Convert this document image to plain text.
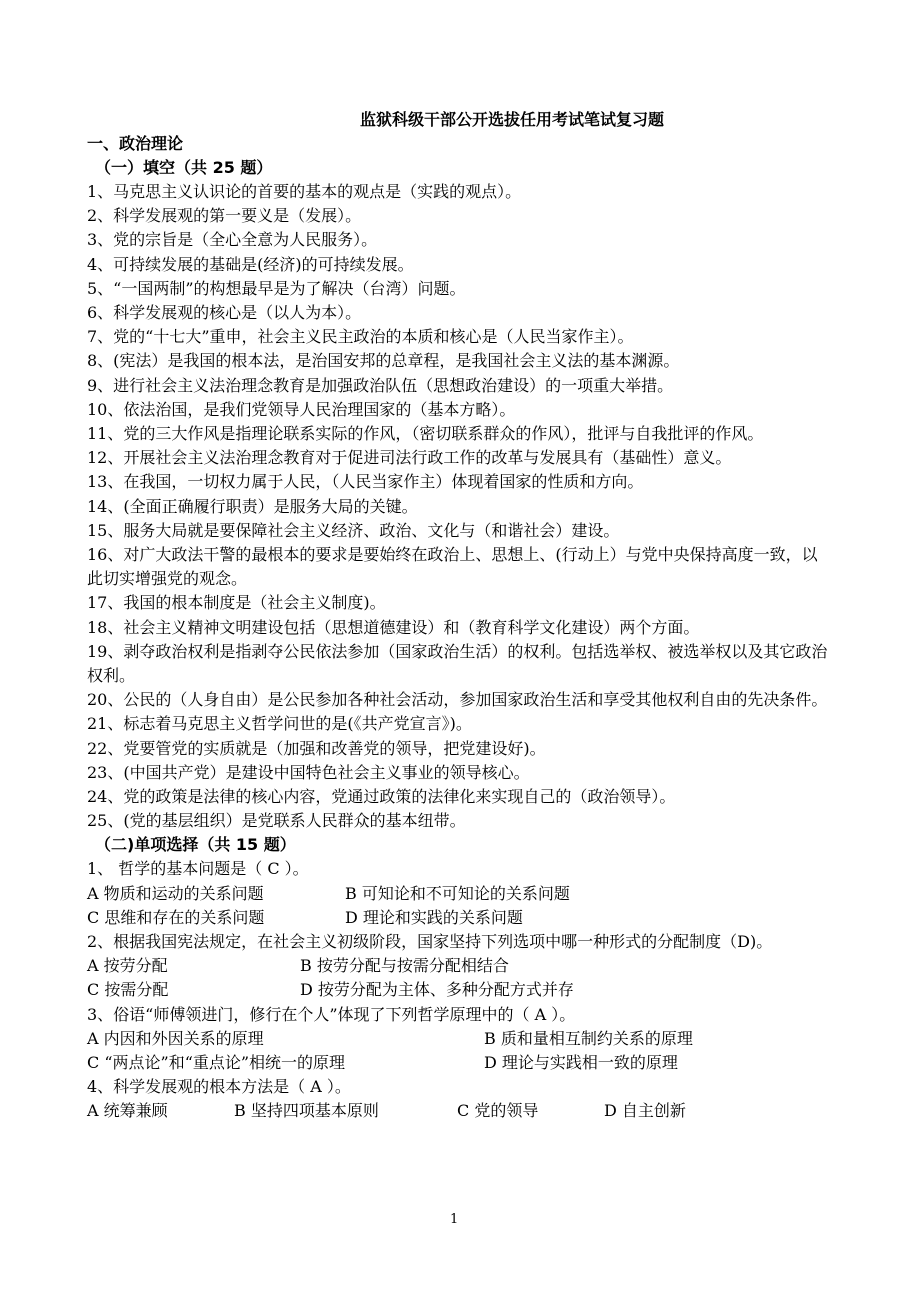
监狱科级干部公开选拔任用考试笔试复习题
一、政治理论
（一）填空（共 25 题）
1、马克思主义认识论的首要的基本的观点是（实践的观点）。
2、科学发展观的第一要义是（发展）。
3、党的宗旨是（全心全意为人民服务）。
4、可持续发展的基础是(经济)的可持续发展。
5、“一国两制”的构想最早是为了解决（台湾）问题。
6、科学发展观的核心是（以人为本）。
7、党的“十七大”重申，社会主义民主政治的本质和核心是（人民当家作主）。
8、(宪法）是我国的根本法，是治国安邦的总章程，是我国社会主义法的基本渊源。
9、进行社会主义法治理念教育是加强政治队伍（思想政治建设）的一项重大举措。
10、依法治国，是我们党领导人民治理国家的（基本方略）。
11、党的三大作风是指理论联系实际的作风，（密切联系群众的作风），批评与自我批评的作风。
12、开展社会主义法治理念教育对于促进司法行政工作的改革与发展具有（基础性）意义。
13、在我国，一切权力属于人民，（人民当家作主）体现着国家的性质和方向。
14、(全面正确履行职责）是服务大局的关键。
15、服务大局就是要保障社会主义经济、政治、文化与（和谐社会）建设。
16、对广大政法干警的最根本的要求是要始终在政治上、思想上、(行动上）与党中央保持高度一致，以此切实增强党的观念。
17、我国的根本制度是（社会主义制度)。
18、社会主义精神文明建设包括（思想道德建设）和（教育科学文化建设）两个方面。
19、剥夺政治权利是指剥夺公民依法参加（国家政治生活）的权利。包括选举权、被选举权以及其它政治权利。
20、公民的（人身自由）是公民参加各种社会活动，参加国家政治生活和享受其他权利自由的先决条件。
21、标志着马克思主义哲学问世的是(《共产党宣言》)。
22、党要管党的实质就是（加强和改善党的领导，把党建设好)。
23、(中国共产党）是建设中国特色社会主义事业的领导核心。
24、党的政策是法律的核心内容，党通过政策的法律化来实现自己的（政治领导）。
25、(党的基层组织）是党联系人民群众的基本纽带。
（二)单项选择（共 15 题）
1、 哲学的基本问题是（ C ）。
A 物质和运动的关系问题	B 可知论和不可知论的关系问题
C 思维和存在的关系问题	D 理论和实践的关系问题
2、根据我国宪法规定，在社会主义初级阶段，国家坚持下列选项中哪一种形式的分配制度（D)。
A 按劳分配	B 按劳分配与按需分配相结合
C 按需分配	D 按劳分配为主体、多种分配方式并存
3、俗语“师傅领进门，修行在个人”体现了下列哲学原理中的（ A ）。
A 内因和外因关系的原理	B 质和量相互制约关系的原理
C “两点论”和“重点论”相统一的原理	D 理论与实践相一致的原理
4、科学发展观的根本方法是（ A ）。
A 统筹兼顾	B 坚持四项基本原则	C 党的领导	D 自主创新
1
